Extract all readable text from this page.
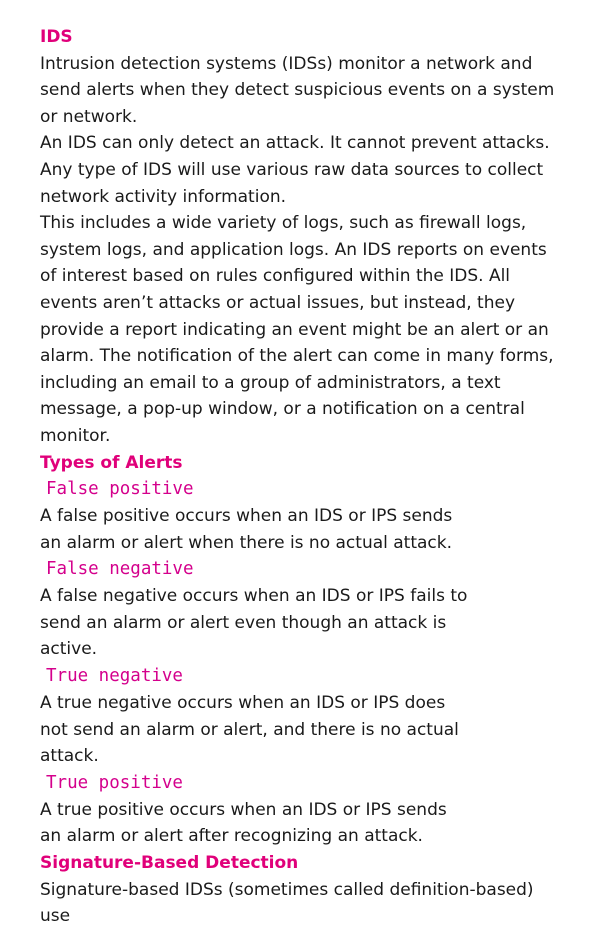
IDS

Intrusion detection systems (IDSs) monitor a network and send alerts when they detect suspicious events on a system or network.

An IDS can only detect an attack. It cannot prevent attacks. Any type of IDS will use various raw data sources to collect network activity information.

This includes a wide variety of logs, such as firewall logs, system logs, and application logs. An IDS reports on events of interest based on rules configured within the IDS. All events aren’t attacks or actual issues, but instead, they provide a report indicating an event might be an alert or an alarm. The notification of the alert can come in many forms, including an email to a group of administrators, a text message, a pop-up window, or a notification on a central monitor.

Types of Alerts
False positive

A false positive occurs when an IDS or IPS sends an alarm or alert when there is no actual attack.

False negative

A false negative occurs when an IDS or IPS fails to send an alarm or alert even though an attack is active.

True negative

A true negative occurs when an IDS or IPS does not send an alarm or alert, and there is no actual attack.

True positive

A true positive occurs when an IDS or IPS sends an alarm or alert after recognizing an attack.

Signature-Based Detection

Signature-based IDSs (sometimes called definition-based) use
